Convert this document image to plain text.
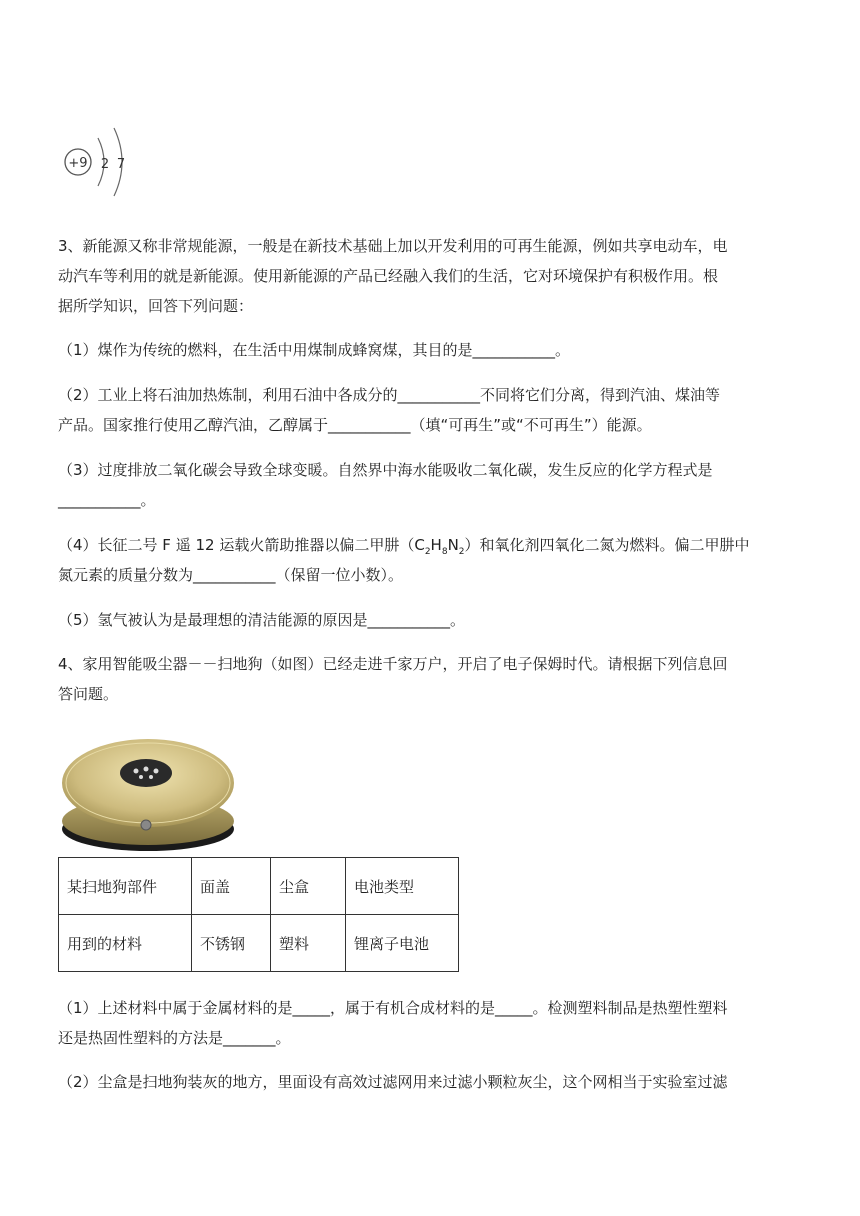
+9 2 7

3、新能源又称非常规能源，一般是在新技术基础上加以开发利用的可再生能源，例如共享电动车，电

动汽车等利用的就是新能源。使用新能源的产品已经融入我们的生活，它对环境保护有积极作用。根

据所学知识，回答下列问题：

（1）煤作为传统的燃料，在生活中用煤制成蜂窝煤，其目的是___________。

（2）工业上将石油加热炼制，利用石油中各成分的___________不同将它们分离，得到汽油、煤油等

产品。国家推行使用乙醇汽油，乙醇属于___________（填“可再生”或“不可再生”）能源。

（3）过度排放二氧化碳会导致全球变暖。自然界中海水能吸收二氧化碳，发生反应的化学方程式是

___________。

（4）长征二号 F 遥 12 运载火箭助推器以偏二甲肼$(C_2H_8N_2)$和氧化剂四氧化二氮为燃料。偏二甲肼中

氮元素的质量分数为___________（保留一位小数）。

（5）氢气被认为是最理想的清洁能源的原因是___________。

4、家用智能吸尘器－－扫地狗（如图）已经走进千家万户，开启了电子保姆时代。请根据下列信息回

答问题。

某扫地狗部件	面盖	尘盒	电池类型
用到的材料	不锈钢	塑料	锂离子电池

（1）上述材料中属于金属材料的是_____，属于有机合成材料的是_____。检测塑料制品是热塑性塑料

还是热固性塑料的方法是_______。

（2）尘盒是扫地狗装灰的地方，里面设有高效过滤网用来过滤小颗粒灰尘，这个网相当于实验室过滤
